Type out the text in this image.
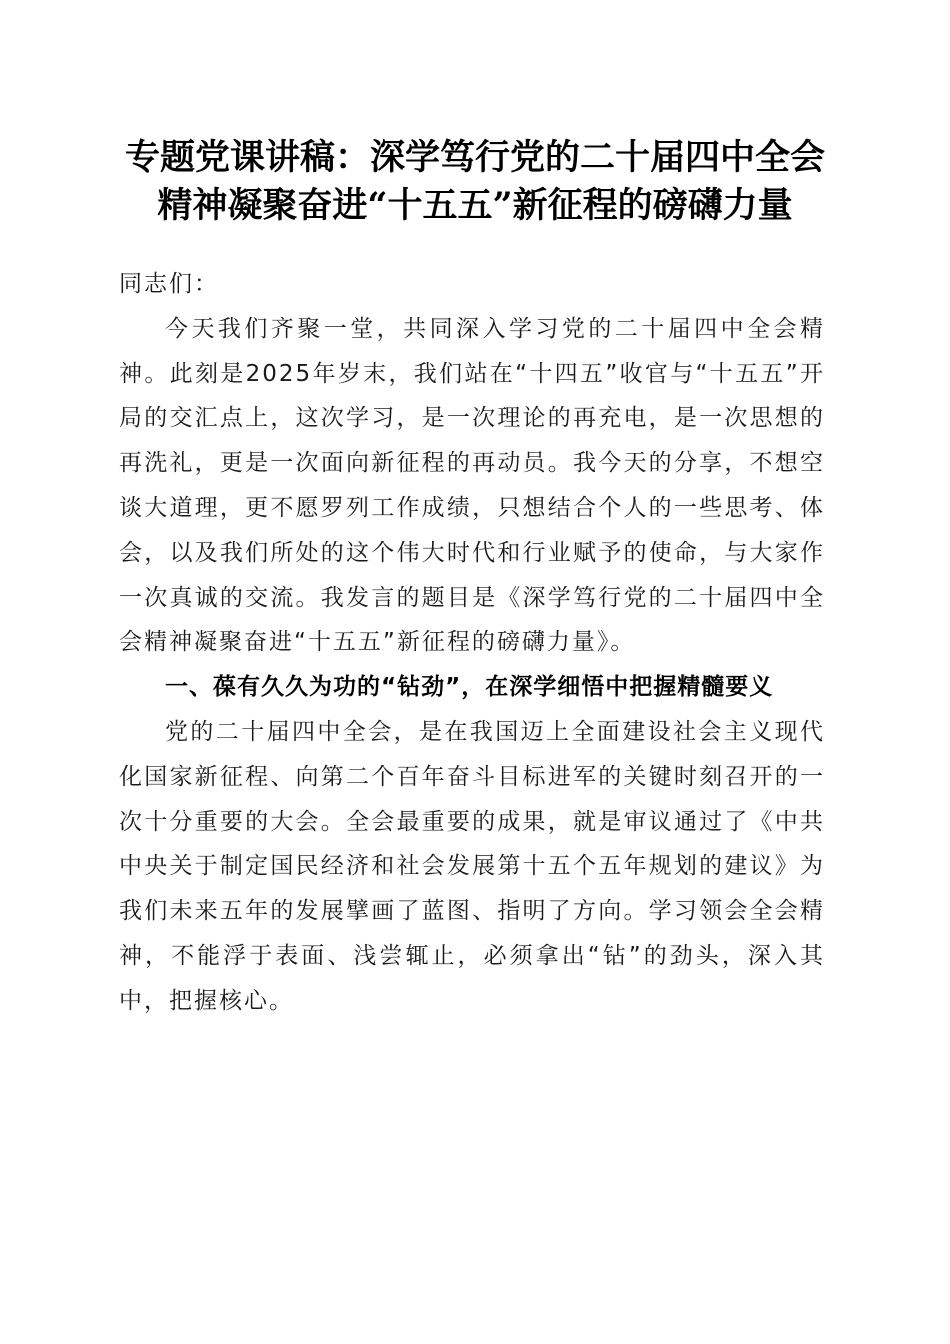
专题党课讲稿：深学笃行党的二十届四中全会
精神凝聚奋进“十五五”新征程的磅礴力量

同志们：

今天我们齐聚一堂，共同深入学习党的二十届四中全会精神。此刻是2025年岁末，我们站在“十四五”收官与“十五五”开局的交汇点上，这次学习，是一次理论的再充电，是一次思想的再洗礼，更是一次面向新征程的再动员。我今天的分享，不想空谈大道理，更不愿罗列工作成绩，只想结合个人的一些思考、体会，以及我们所处的这个伟大时代和行业赋予的使命，与大家作一次真诚的交流。我发言的题目是《深学笃行党的二十届四中全会精神凝聚奋进“十五五”新征程的磅礴力量》。

一、葆有久久为功的“钻劲”，在深学细悟中把握精髓要义

党的二十届四中全会，是在我国迈上全面建设社会主义现代化国家新征程、向第二个百年奋斗目标进军的关键时刻召开的一次十分重要的大会。全会最重要的成果，就是审议通过了《中共中央关于制定国民经济和社会发展第十五个五年规划的建议》为我们未来五年的发展擘画了蓝图、指明了方向。学习领会全会精神，不能浮于表面、浅尝辄止，必须拿出“钻”的劲头，深入其中，把握核心。
